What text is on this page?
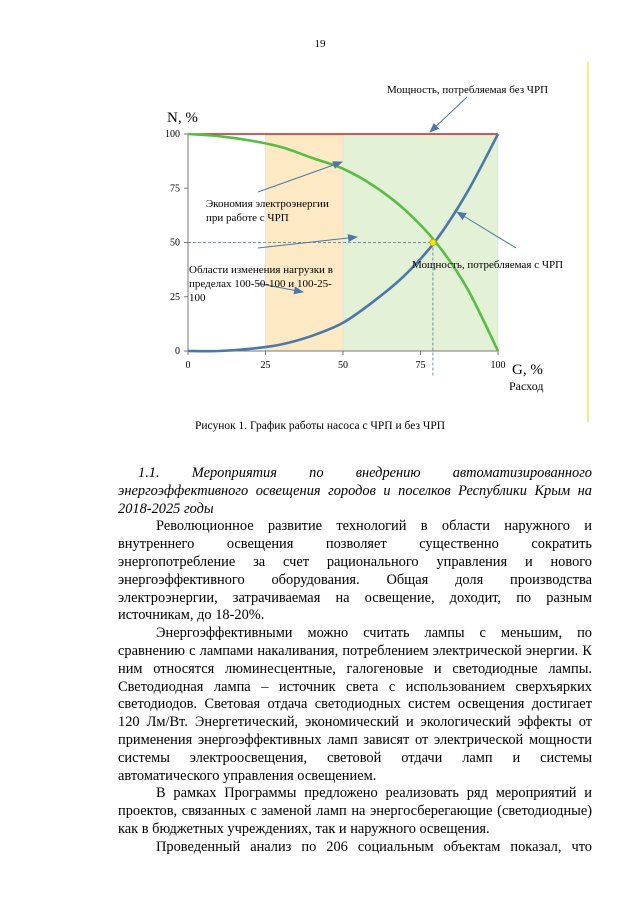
19
0	25	50	75	100
0
25
50
75
100
N, %
G, %
Расход
Мощность, потребляемая без ЧРП
Экономия электроэнергии
при работе с ЧРП
Области изменения нагрузки в
пределах 100-50-100 и 100-25-
100
Мощность, потребляемая с ЧРП
Рисунок 1. График работы насоса с ЧРП и без ЧРП

1.1. Мероприятия по внедрению автоматизированного

энергоэффективного освещения городов и поселков Республики Крым на

2018-2025 годы

Революционное развитие технологий в области наружного и внутреннего освещения позволяет существенно сократить энергопотребление за счет рационального управления и нового энергоэффективного оборудования. Общая доля производства электроэнергии, затрачиваемая на освещение, доходит, по разным источникам, до 18-20%.

Энергоэффективными можно считать лампы с меньшим, по сравнению с лампами накаливания, потреблением электрической энергии. К ним относятся люминесцентные, галогеновые и светодиодные лампы. Светодиодная лампа – источник света с использованием сверхъярких светодиодов. Световая отдача светодиодных систем освещения достигает 120 Лм/Вт. Энергетический, экономический и экологический эффекты от применения энергоэффективных ламп зависят от электрической мощности системы электроосвещения, световой отдачи ламп и системы автоматического управления освещением.

В рамках Программы предложено реализовать ряд мероприятий и проектов, связанных с заменой ламп на энергосберегающие (светодиодные) как в бюджетных учреждениях, так и наружного освещения.

Проведенный анализ по 206 социальным объектам показал, что
